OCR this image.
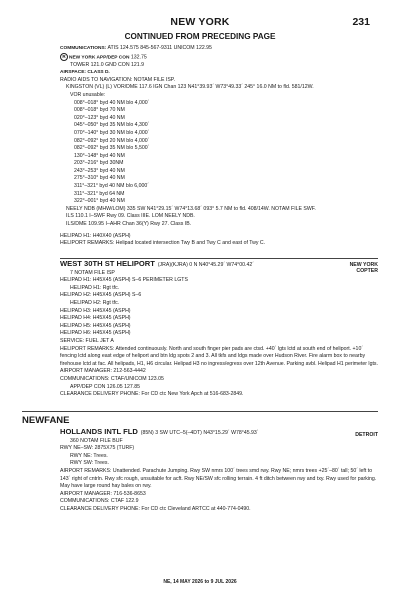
NEW YORK	231
CONTINUED FROM PRECEDING PAGE
COMMUNICATIONS: ATIS 124.575 845-567-9311 UNICOM 122.95
R NEW YORK APP/DEP CON 132.75
TOWER 121.0 GND CON 121.9
AIRSPACE: CLASS D.
RADIO AIDS TO NAVIGATION: NOTAM FILE ISP.
KINGSTON (VL) (L) VOR/DME 117.6 IGN Chan 123 N41°39.93´ W73°49.33´ 245° 16.0 NM to fld. 581/12W.
VOR unusable:
008°–018° byd 40 NM blo 4,000´
008°–018° byd 70 NM
020°–123° byd 40 NM
045°–050° byd 35 NM blo 4,300´
070°–140° byd 30 NM blo 4,000´
082°–092° byd 20 NM blo 4,000´
082°–092° byd 35 NM blo 5,500´
130°–148° byd 40 NM
203°–216° byd 30NM
243°–253° byd 40 NM
275°–310° byd 40 NM
311°–321° byd 40 NM blo 6,000´
311°–321° byd 64 NM
322°–001° byd 40 NM
NEELY NDB (MHW/LOM) 335 SW N41°29.15´ W74°13.68´ 093° 5.7 NM to fld. 408/14W. NOTAM FILE SWF.
ILS 110.1 I–SWF Rwy 09. Class IIIE. LOM NEELY NDB.
ILS/DME 109.95 I–AHR Chan 36(Y) Rwy 27. Class IB.
HELIPAD H1: H40X40 (ASPH)
HELIPORT REMARKS: Helipad located intersection Twy B and Twy C and east of Twy C.
NEW YORK
COPTER
WEST 30TH ST HELIPORT (JRA)(KJRA) 0 N N40°45.29´ W74°00.42´
7 NOTAM FILE ISP
HELIPAD H1: H45X45 (ASPH) S–6 PERIMETER LGTS
HELIPAD H1: Rgt tfc.
HELIPAD H2: H45X45 (ASPH) S–6
HELIPAD H2: Rgt tfc.
HELIPAD H3: H45X45 (ASPH)
HELIPAD H4: H45X45 (ASPH)
HELIPAD H5: H45X45 (ASPH)
HELIPAD H6: H45X45 (ASPH)
SERVICE: FUEL JET A
HELIPORT REMARKS: Attended continuously. North and south finger pier pads are ctsd. +40´ lgts lctd at south end of heliport. +10´ fencing lctd along east edge of heliport and btn ldg spots 2 and 3. All tkfs and ldgs made over Hudson River. Fire alarm box to nearby firehouse lctd at fac. All helipads, H1, H6 circular. Helipad H3 no ingress/egress over 12th Avenue. Parking avbl. Helipad H1 perimeter lgts.
AIRPORT MANAGER: 212-563-4442
COMMUNICATIONS: CTAF/UNICOM 123.05
APP/DEP CON 126.05 127.85
CLEARANCE DELIVERY PHONE: For CD ctc New York Apch at 516-683-2849.
NEWFANE
DETROIT
HOLLANDS INTL FLD (85N) 3 SW UTC–5(–4DT) N43°15.29´ W78°45.93´
360 NOTAM FILE BUF
RWY NE–SW: 2875X75 (TURF)
RWY NE: Trees.
RWY SW: Trees.
AIRPORT REMARKS: Unattended. Parachute Jumping. Rwy SW nmrs 100´ trees smd rwy. Rwy NE; nmrs trees +25´–80´ tall; 50´ left to 143´ right of cntrln. Rwy sfc rough, unsuitable for acft. Rwy NE/SW sfc rolling terrain. 4 ft ditch between rwy and txy. Rwy used for parking. May have large round hay bales on rwy.
AIRPORT MANAGER: 716-536-8653
COMMUNICATIONS: CTAF 122.9
CLEARANCE DELIVERY PHONE: For CD ctc Cleveland ARTCC at 440-774-0490.
NE, 14 MAY 2026 to 9 JUL 2026
